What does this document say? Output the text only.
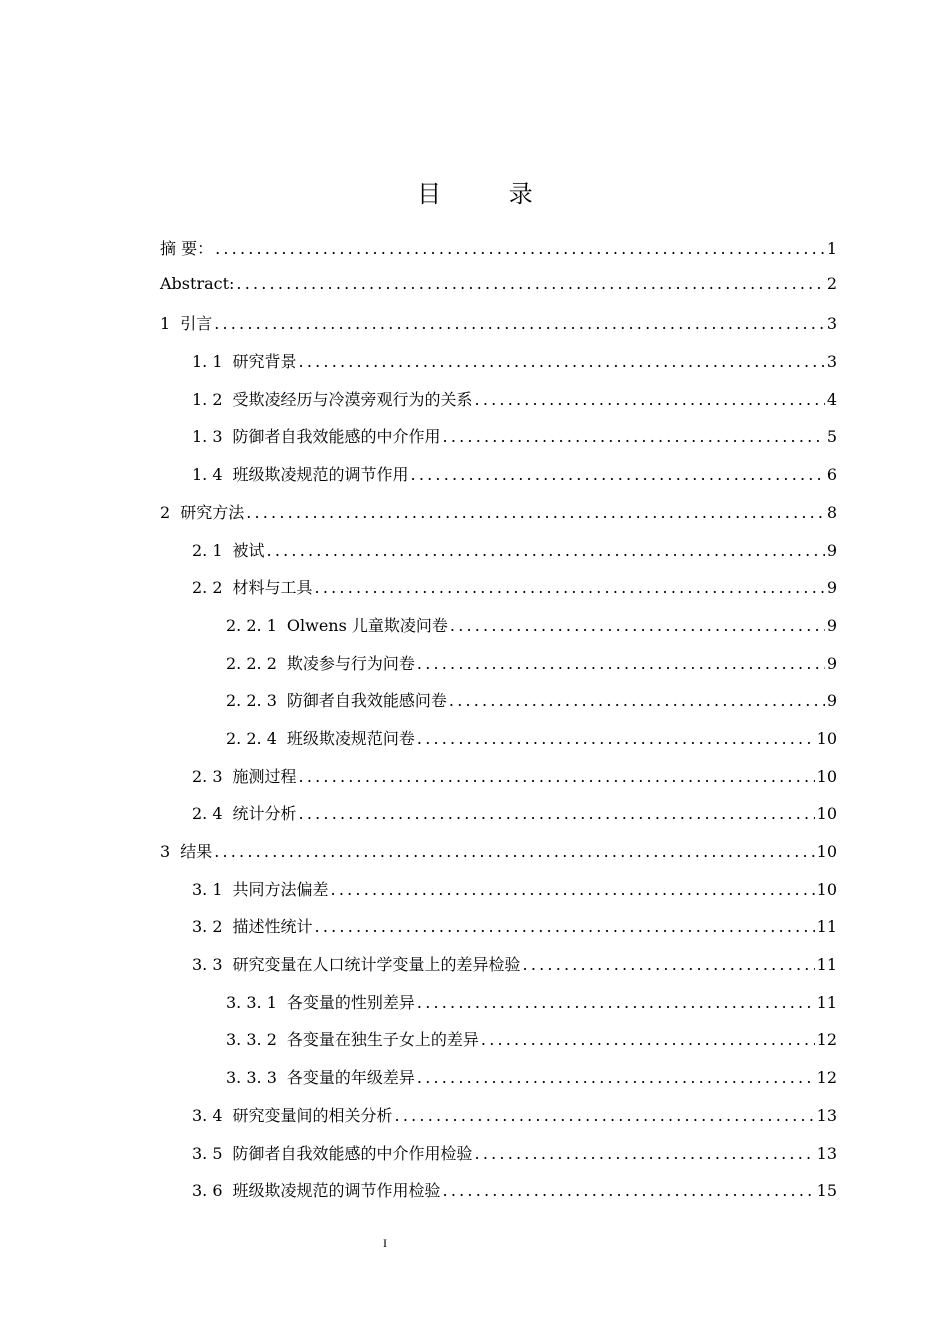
目 录
摘 要： .....	1
Abstract: .....	2
1 引言 .....	3
1. 1 研究背景 .....	3
1. 2 受欺凌经历与冷漠旁观行为的关系 .....	4
1. 3 防御者自我效能感的中介作用 .....	5
1. 4 班级欺凌规范的调节作用 .....	6
2 研究方法 .....	8
2. 1 被试 .....	9
2. 2 材料与工具 .....	9
2. 2. 1 Olwens 儿童欺凌问卷 .....	9
2. 2. 2 欺凌参与行为问卷 .....	9
2. 2. 3 防御者自我效能感问卷 .....	9
2. 2. 4 班级欺凌规范问卷 .....	10
2. 3 施测过程 .....	10
2. 4 统计分析 .....	10
3 结果 .....	10
3. 1 共同方法偏差 .....	10
3. 2 描述性统计 .....	11
3. 3 研究变量在人口统计学变量上的差异检验 .....	11
3. 3. 1 各变量的性别差异 .....	11
3. 3. 2 各变量在独生子女上的差异 .....	12
3. 3. 3 各变量的年级差异 .....	12
3. 4 研究变量间的相关分析 .....	13
3. 5 防御者自我效能感的中介作用检验 .....	13
3. 6 班级欺凌规范的调节作用检验 .....	15
I
